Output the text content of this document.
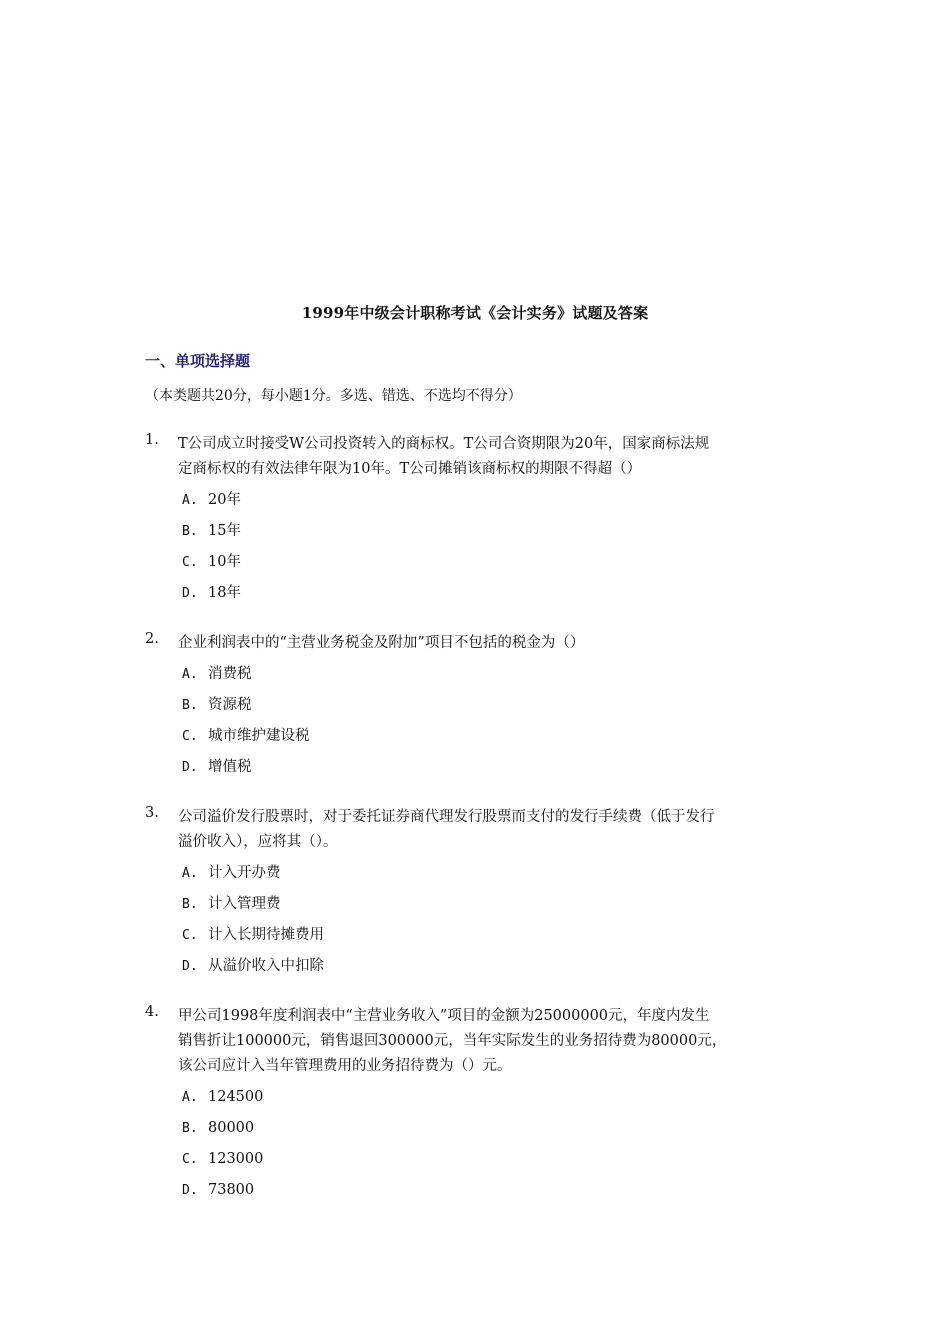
1999年中级会计职称考试《会计实务》试题及答案
一、单项选择题
（本类题共20分，每小题1分。多选、错选、不选均不得分）
1. T公司成立时接受W公司投资转入的商标权。T公司合资期限为20年，国家商标法规
定商标权的有效法律年限为10年。T公司摊销该商标权的期限不得超（）
A. 20年
B. 15年
C. 10年
D. 18年
2. 企业利润表中的“主营业务税金及附加”项目不包括的税金为（）
A. 消费税
B. 资源税
C. 城市维护建设税
D. 增值税
3. 公司溢价发行股票时，对于委托证券商代理发行股票而支付的发行手续费（低于发行
溢价收入），应将其（）。
A. 计入开办费
B. 计入管理费
C. 计入长期待摊费用
D. 从溢价收入中扣除
4. 甲公司1998年度利润表中“主营业务收入”项目的金额为25000000元，年度内发生
销售折让100000元，销售退回300000元，当年实际发生的业务招待费为80000元，
该公司应计入当年管理费用的业务招待费为（）元。
A. 124500
B. 80000
C. 123000
D. 73800
